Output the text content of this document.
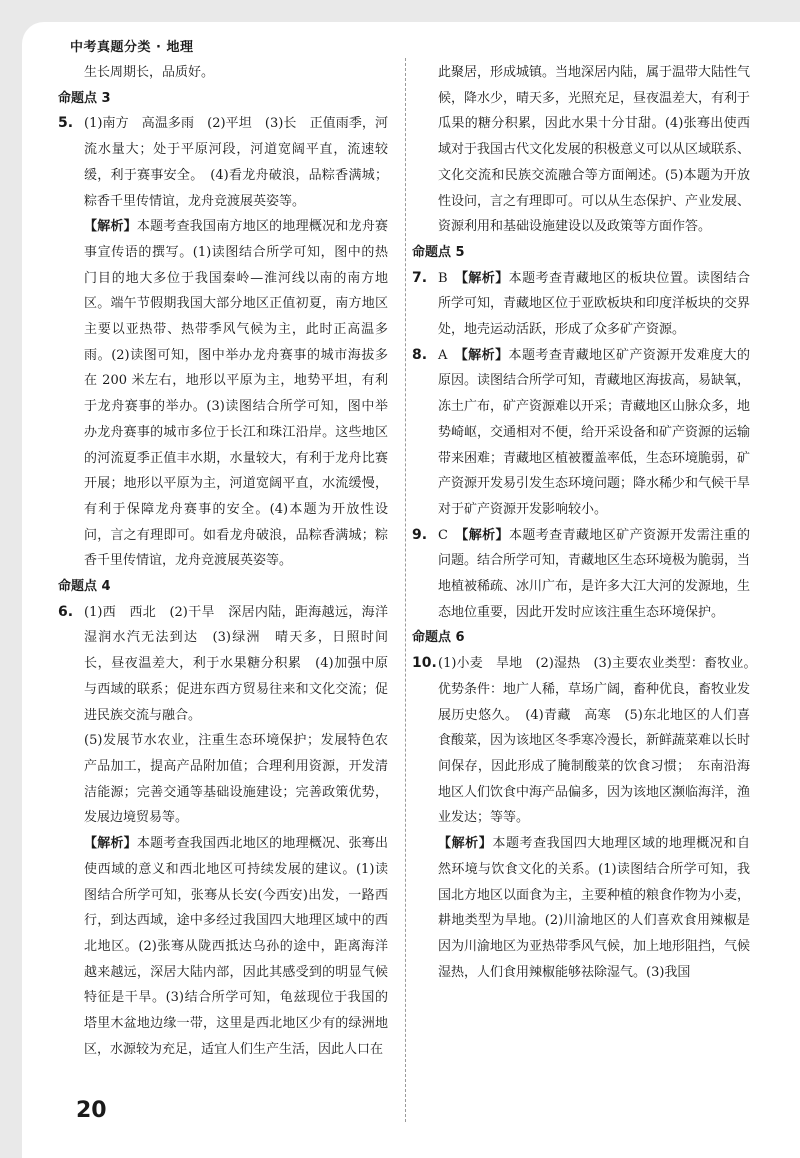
中考真题分类 · 地理

生长周期长，品质好。

命题点 3

5. (1)南方　高温多雨　(2)平坦　(3)长　正值雨季，河流水量大；处于平原河段，河道宽阔平直，流速较缓，利于赛事安全。　(4)看龙舟破浪，品粽香满城；粽香千里传情谊，龙舟竞渡展英姿等。

【解析】本题考查我国南方地区的地理概况和龙舟赛事宣传语的撰写。(1)读图结合所学可知，图中的热门目的地大多位于我国秦岭—淮河线以南的南方地区。端午节假期我国大部分地区正值初夏，南方地区主要以亚热带、热带季风气候为主，此时正高温多雨。(2)读图可知，图中举办龙舟赛事的城市海拔多在 200 米左右，地形以平原为主，地势平坦，有利于龙舟赛事的举办。(3)读图结合所学可知，图中举办龙舟赛事的城市多位于长江和珠江沿岸。这些地区的河流夏季正值丰水期，水量较大，有利于龙舟比赛开展；地形以平原为主，河道宽阔平直，水流缓慢，有利于保障龙舟赛事的安全。(4)本题为开放性设问，言之有理即可。如看龙舟破浪，品粽香满城；粽香千里传情谊，龙舟竞渡展英姿等。

命题点 4

6. (1)西　西北　(2)干旱　深居内陆，距海越远，海洋湿润水汽无法到达　(3)绿洲　晴天多，日照时间长，昼夜温差大，利于水果糖分积累　(4)加强中原与西域的联系；促进东西方贸易往来和文化交流；促进民族交流与融合。

(5)发展节水农业，注重生态环境保护；发展特色农产品加工，提高产品附加值；合理利用资源，开发清洁能源；完善交通等基础设施建设；完善政策优势，发展边境贸易等。

【解析】本题考查我国西北地区的地理概况、张骞出使西域的意义和西北地区可持续发展的建议。(1)读图结合所学可知，张骞从长安(今西安)出发，一路西行，到达西域，途中多经过我国四大地理区域中的西北地区。(2)张骞从陇西抵达乌孙的途中，距离海洋越来越远，深居大陆内部，因此其感受到的明显气候特征是干旱。(3)结合所学可知，龟兹现位于我国的塔里木盆地边缘一带，这里是西北地区少有的绿洲地区，水源较为充足，适宜人们生产生活，因此人口在

此聚居，形成城镇。当地深居内陆，属于温带大陆性气候，降水少，晴天多，光照充足，昼夜温差大，有利于瓜果的糖分积累，因此水果十分甘甜。(4)张骞出使西域对于我国古代文化发展的积极意义可以从区域联系、文化交流和民族交流融合等方面阐述。(5)本题为开放性设问，言之有理即可。可以从生态保护、产业发展、资源利用和基础设施建设以及政策等方面作答。

命题点 5

7. B　 【解析】本题考查青藏地区的板块位置。读图结合所学可知，青藏地区位于亚欧板块和印度洋板块的交界处，地壳运动活跃，形成了众多矿产资源。

8. A　 【解析】本题考查青藏地区矿产资源开发难度大的原因。读图结合所学可知，青藏地区海拔高，易缺氧，冻土广布，矿产资源难以开采；青藏地区山脉众多，地势崎岖，交通相对不便，给开采设备和矿产资源的运输带来困难；青藏地区植被覆盖率低，生态环境脆弱，矿产资源开发易引发生态环境问题；降水稀少和气候干旱对于矿产资源开发影响较小。

9. C　 【解析】本题考查青藏地区矿产资源开发需注重的问题。结合所学可知，青藏地区生态环境极为脆弱，当地植被稀疏、冰川广布，是许多大江大河的发源地，生态地位重要，因此开发时应该注重生态环境保护。

命题点 6

10. (1)小麦　旱地　(2)湿热　(3)主要农业类型：畜牧业。　优势条件：地广人稀，草场广阔，畜种优良，畜牧业发展历史悠久。　(4)青藏　高寒　(5)东北地区的人们喜食酸菜，因为该地区冬季寒冷漫长，新鲜蔬菜难以长时间保存，因此形成了腌制酸菜的饮食习惯；　东南沿海地区人们饮食中海产品偏多，因为该地区濒临海洋，渔业发达；等等。

【解析】本题考查我国四大地理区域的地理概况和自然环境与饮食文化的关系。(1)读图结合所学可知，我国北方地区以面食为主，主要种植的粮食作物为小麦，耕地类型为旱地。(2)川渝地区的人们喜欢食用辣椒是因为川渝地区为亚热带季风气候，加上地形阻挡，气候湿热，人们食用辣椒能够祛除湿气。(3)我国

20
